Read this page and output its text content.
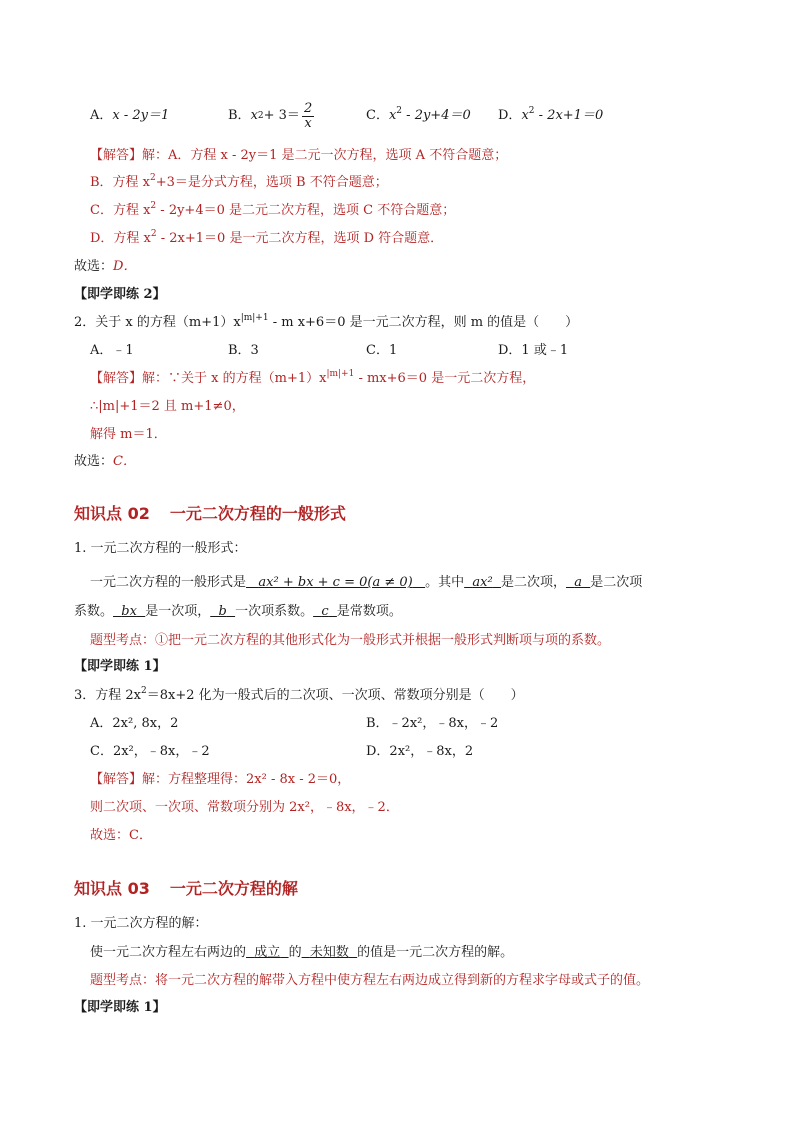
A．x - 2y＝1	B． x $2 + 3= \frac{2}{x}$	C．$x^2 - 2y+4=0$ D．$x^2 - 2x+1=0$
【解答】解：A．方程 x - 2y＝1 是二元一次方程，选项 A 不符合题意；
B．方程 $x^2+3=$是分式方程，选项 B 不符合题意；
C．方程 $x^2 - 2y+4=0$ 是二元二次方程，选项 C 不符合题意；
D．方程 $x^2 - 2x+1=0$ 是一元二次方程，选项 D 符合题意．
故选：D．
【即学即练 2】
2．关于 x 的方程$(m+1)x^{|m|+1} - m$ x+6＝0 是一元二次方程，则 m 的值是（　　）
A．﹣1	B．3	C．1	D．1 或﹣1
【解答】解：∵关于 x 的方程$(m+1)x^{|m|+1} - mx+6=0$ 是一元二次方程，
∴|m|+1＝2 且 m+1≠0，
解得 m＝1．
故选：C．
知识点 02 一元二次方程的一般形式
1. 一元二次方程的一般形式：
一元二次方程的一般形式是 ax² + bx + c = 0(a ≠ 0) 。其中 ax² 是二次项， a 是二次项
系数。 bx 是一次项， b 一次项系数。 c 是常数项。
题型考点：①把一元二次方程的其他形式化为一般形式并根据一般形式判断项与项的系数。
【即学即练 1】
3．方程 $2x^2=8x+2$ 化为一般式后的二次项、一次项、常数项分别是（　　）
A．2x², 8x，2	B．﹣2x²，﹣8x，﹣2
C．2x²，﹣8x，﹣2	D．2x²，﹣8x，2
【解答】解：方程整理得：2x² - 8x - 2＝0，
则二次项、一次项、常数项分别为 2x²，﹣8x，﹣2．
故选：C．
知识点 03 一元二次方程的解
1. 一元二次方程的解：
使一元二次方程左右两边的 成立 的 未知数 的值是一元二次方程的解。
题型考点：将一元二次方程的解带入方程中使方程左右两边成立得到新的方程求字母或式子的值。
【即学即练 1】
